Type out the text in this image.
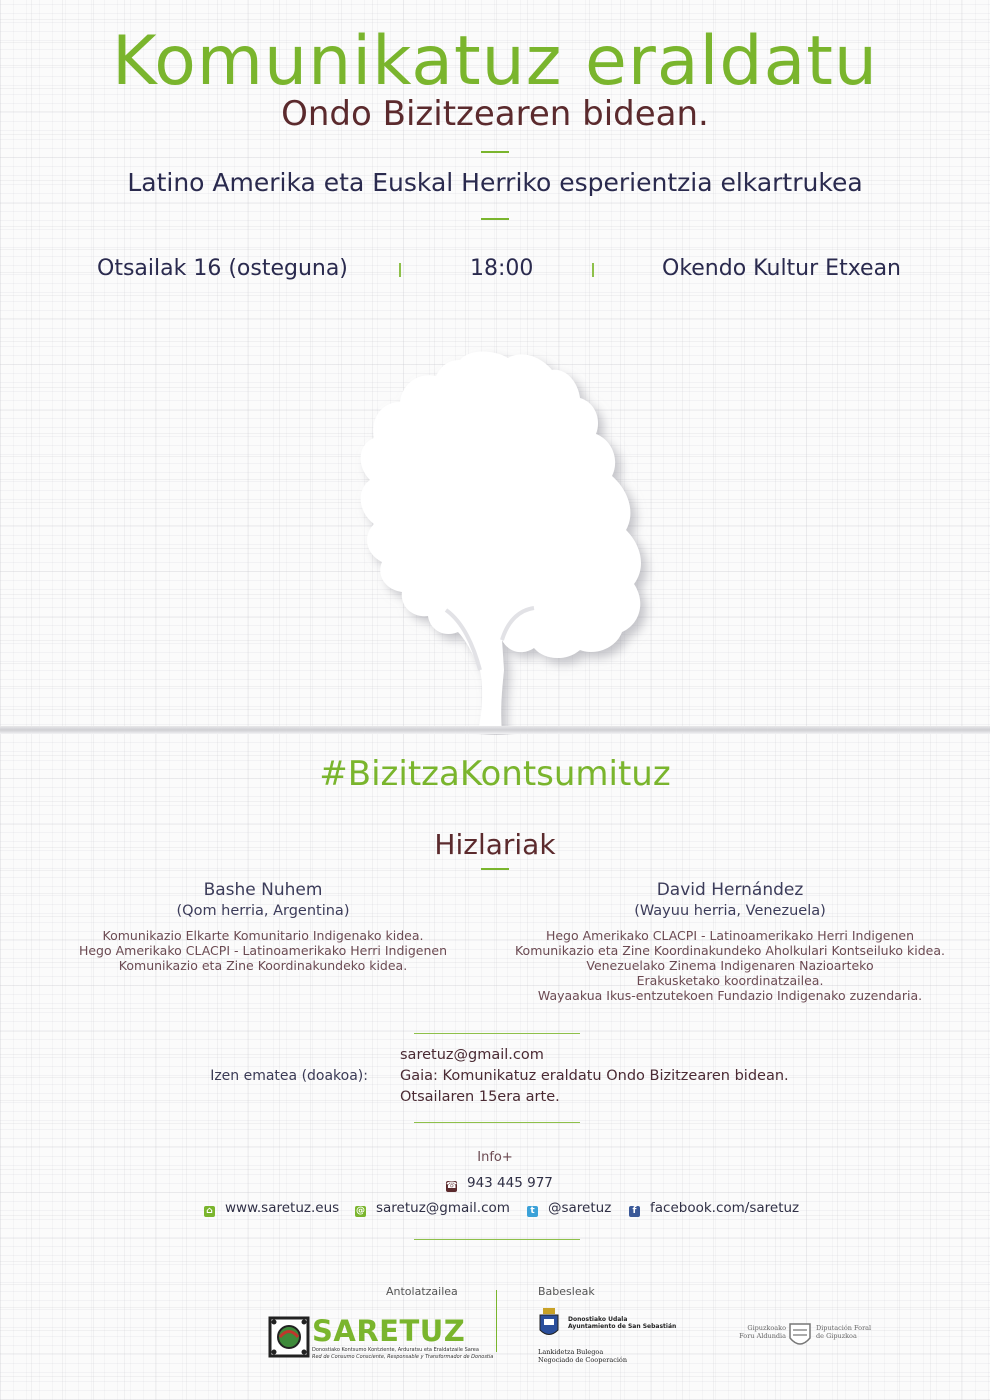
Komunikatuz eraldatu
Ondo Bizitzearen bidean.
Latino Amerika eta Euskal Herriko esperientzia elkartrukea
Otsailak 16 (osteguna)	18:00	Okendo Kultur Etxean
#BizitzaKontsumituz
Hizlariak
Bashe Nuhem
(Qom herria, Argentina)
Komunikazio Elkarte Komunitario Indigenako kidea.
Hego Amerikako CLACPI - Latinoamerikako Herri Indigenen
Komunikazio eta Zine Koordinakundeko kidea.
David Hernández
(Wayuu herria, Venezuela)
Hego Amerikako CLACPI - Latinoamerikako Herri Indigenen
Komunikazio eta Zine Koordinakundeko Aholkulari Kontseiluko kidea.
Venezuelako Zinema Indigenaren Nazioarteko
Erakusketako koordinatzailea.
Wayaakua Ikus-entzutekoen Fundazio Indigenako zuzendaria.
Izen ematea (doakoa):
saretuz@gmail.com
Gaia: Komunikatuz eraldatu Ondo Bizitzearen bidean.
Otsailaren 15era arte.
Info+
☎ 943 445 977
⌂ www.saretuz.eus @ saretuz@gmail.com	t @saretuz	f facebook.com/saretuz
Antolatzailea	Babesleak
SARETUZ
Donostiako Kontsumo Kontziente, Arduratsu eta Eraldatzaile Sarea
Red de Consumo Consciente, Responsable y Transformador de Donostia
Donostiako Udala
Ayuntamiento de San Sebastián
Lankidetza Bulegoa
Negociado de Cooperación
Gipuzkoako
Foru Aldundia
Diputación Foral
de Gipuzkoa
